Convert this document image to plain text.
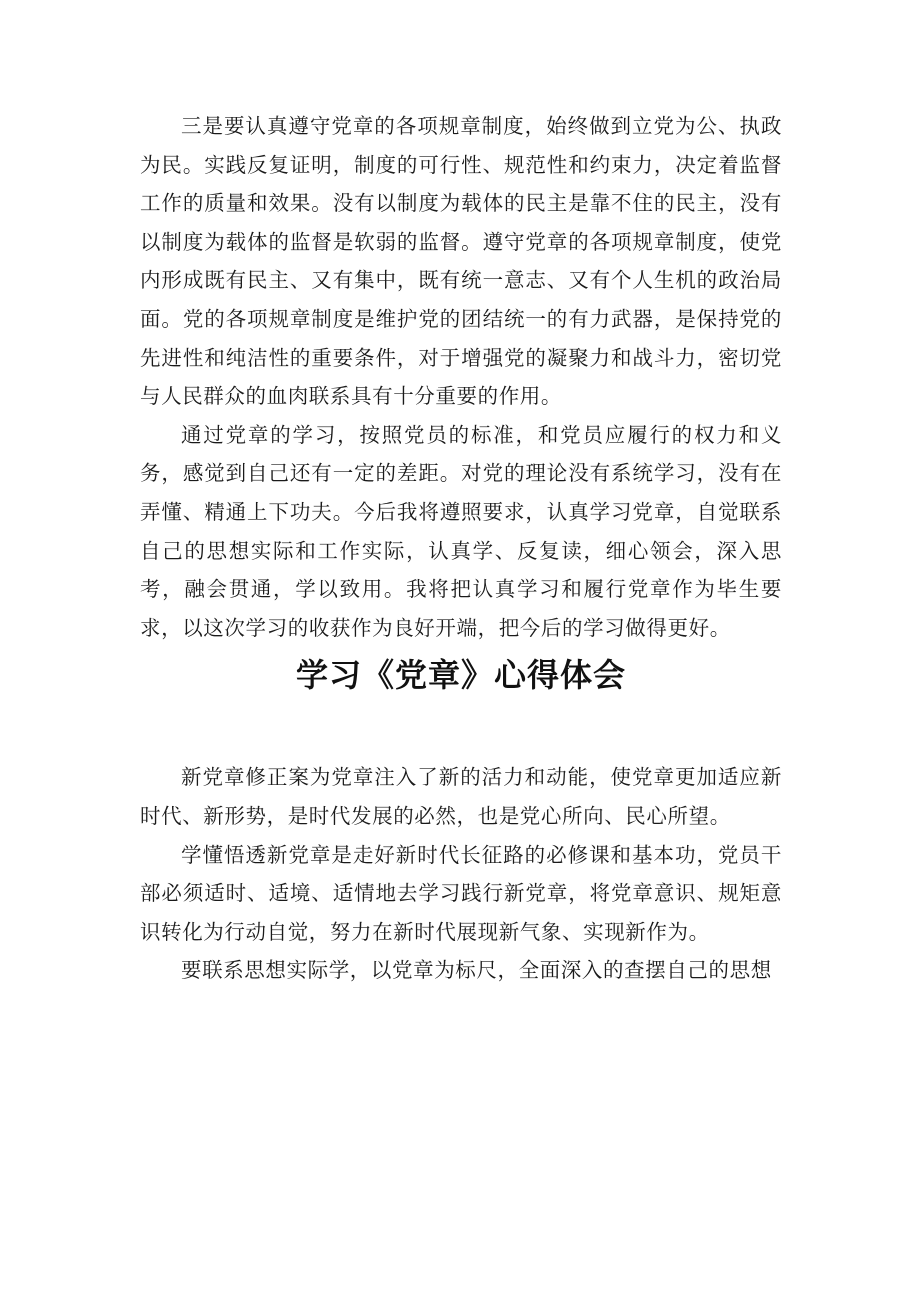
三是要认真遵守党章的各项规章制度，始终做到立党为公、执政为民。实践反复证明，制度的可行性、规范性和约束力，决定着监督工作的质量和效果。没有以制度为载体的民主是靠不住的民主，没有以制度为载体的监督是软弱的监督。遵守党章的各项规章制度，使党内形成既有民主、又有集中，既有统一意志、又有个人生机的政治局面。党的各项规章制度是维护党的团结统一的有力武器，是保持党的先进性和纯洁性的重要条件，对于增强党的凝聚力和战斗力，密切党与人民群众的血肉联系具有十分重要的作用。

通过党章的学习，按照党员的标准，和党员应履行的权力和义务，感觉到自己还有一定的差距。对党的理论没有系统学习，没有在弄懂、精通上下功夫。今后我将遵照要求，认真学习党章，自觉联系自己的思想实际和工作实际，认真学、反复读，细心领会，深入思考，融会贯通，学以致用。我将把认真学习和履行党章作为毕生要求，以这次学习的收获作为良好开端，把今后的学习做得更好。

学习《党章》心得体会

新党章修正案为党章注入了新的活力和动能，使党章更加适应新时代、新形势，是时代发展的必然，也是党心所向、民心所望。

学懂悟透新党章是走好新时代长征路的必修课和基本功，党员干部必须适时、适境、适情地去学习践行新党章，将党章意识、规矩意识转化为行动自觉，努力在新时代展现新气象、实现新作为。

要联系思想实际学，以党章为标尺，全面深入的查摆自己的思想
